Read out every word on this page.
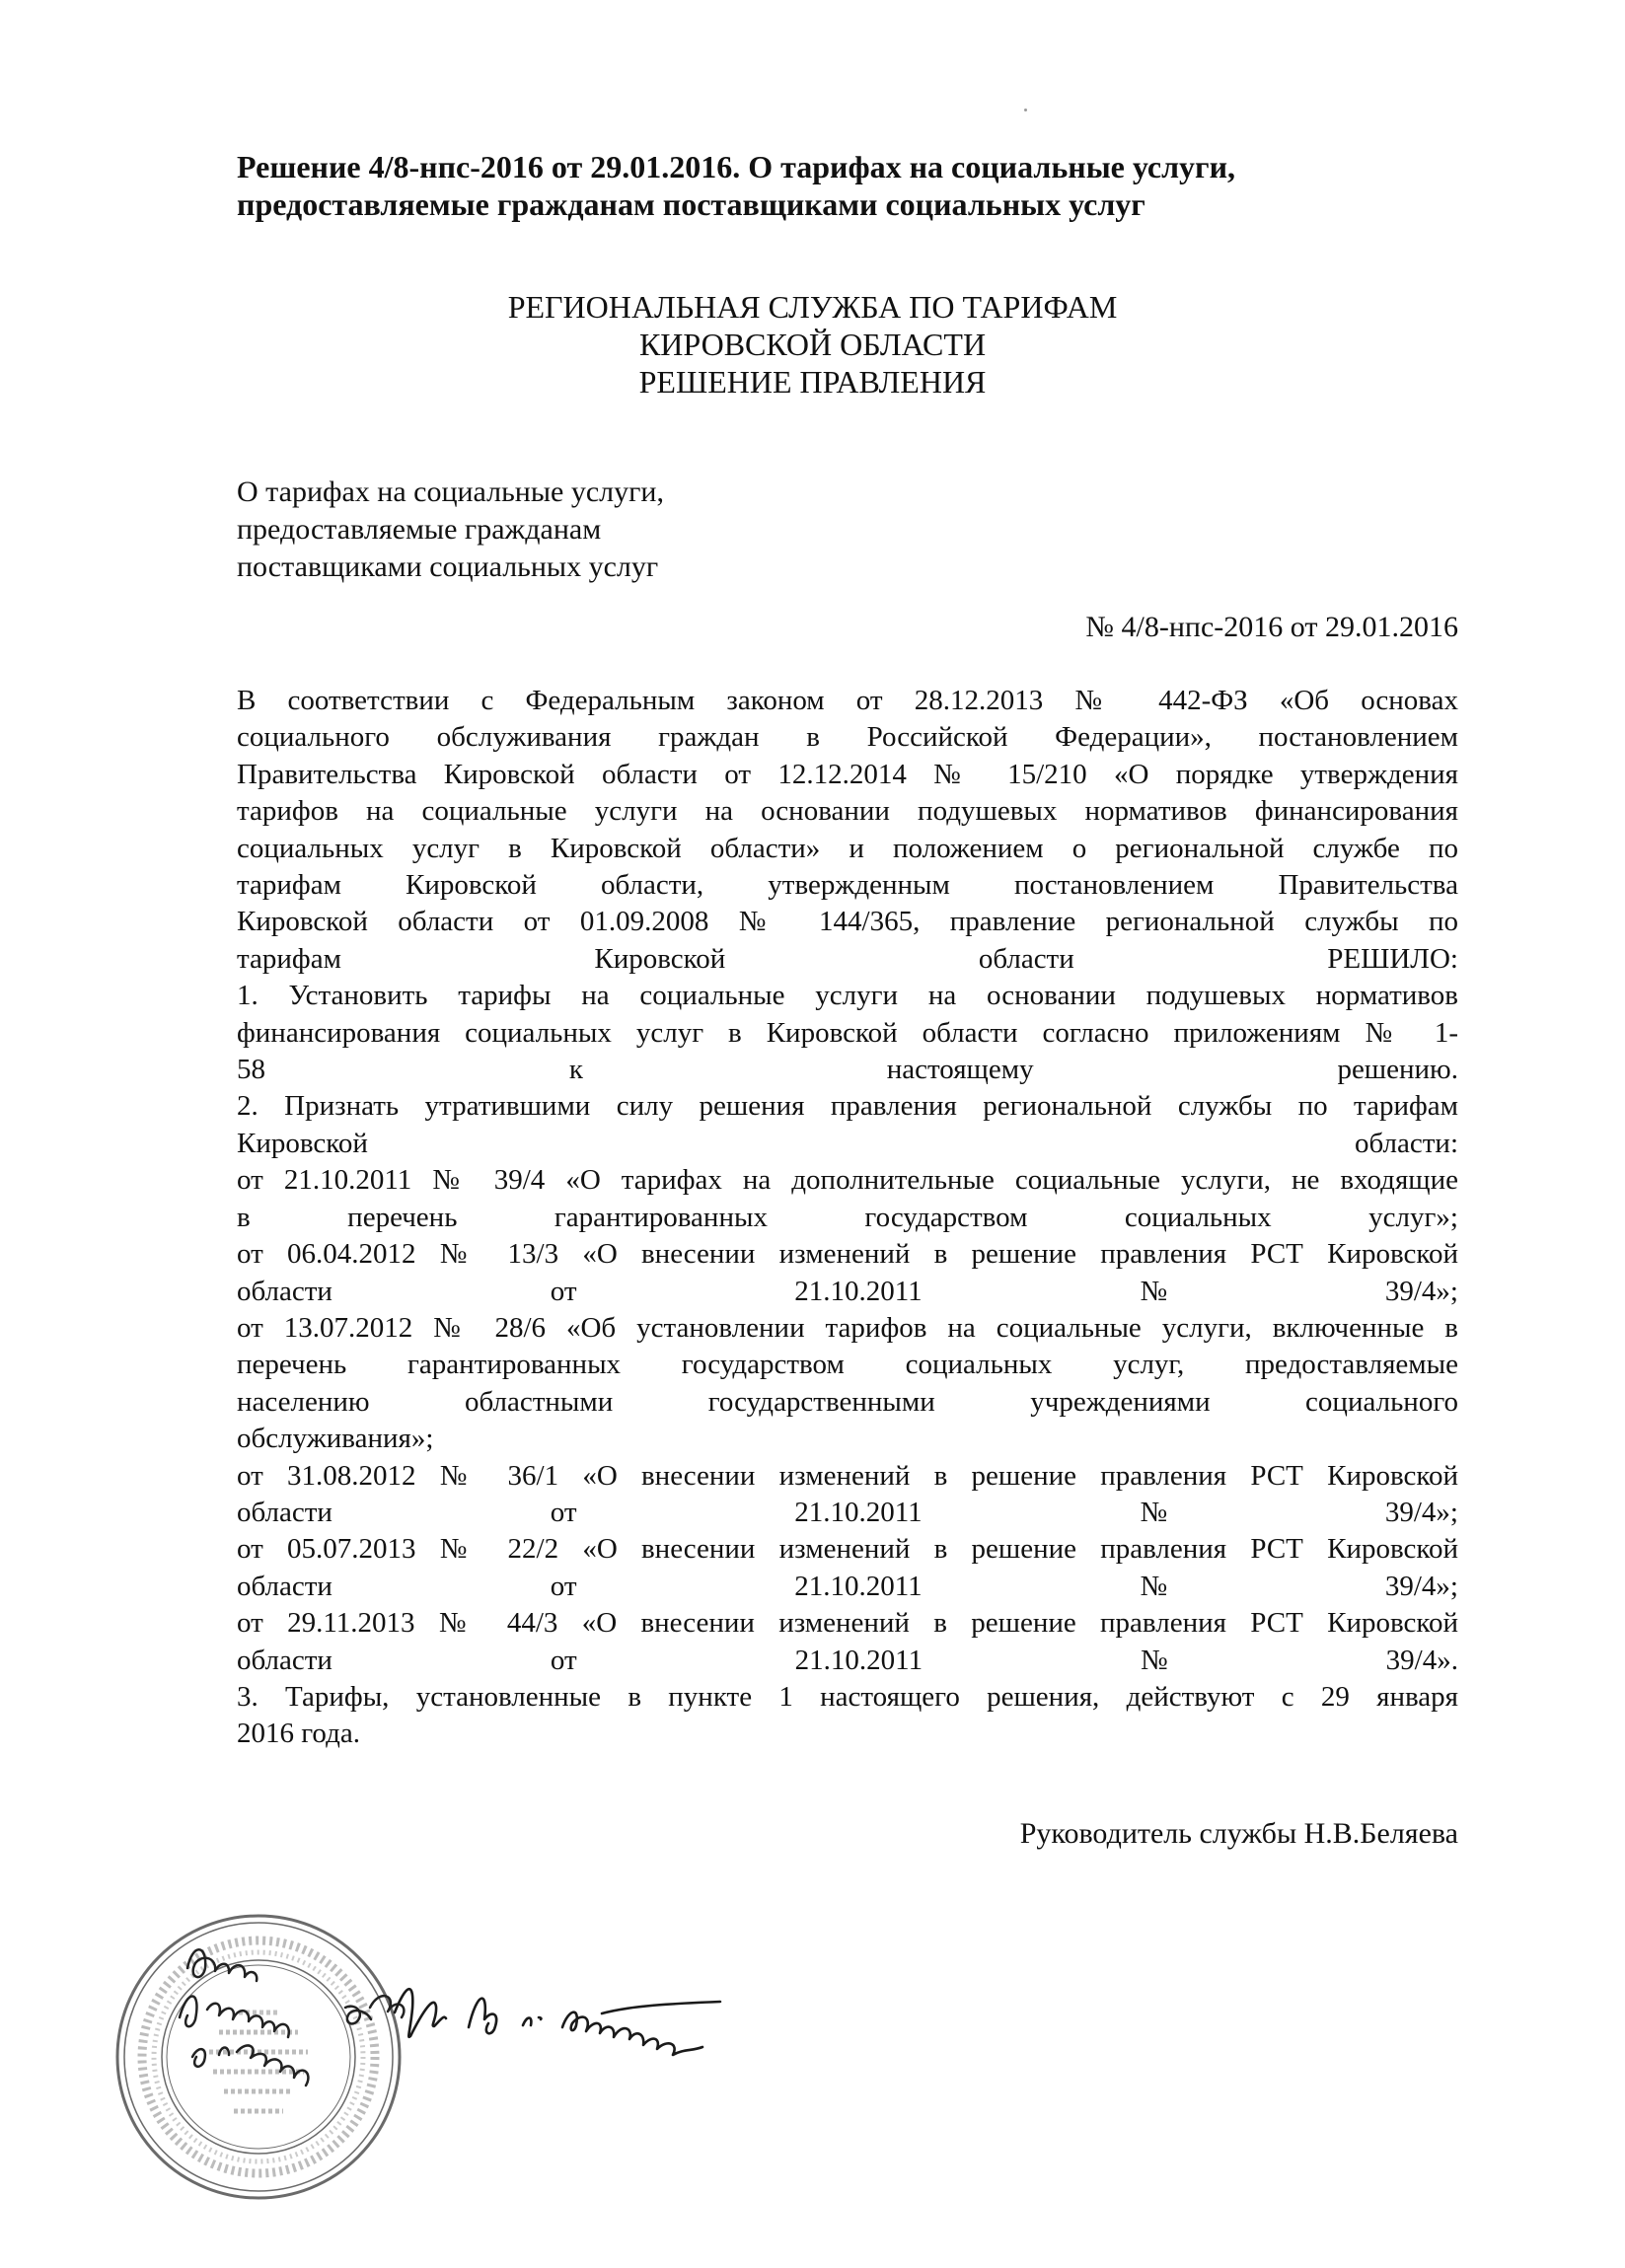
Решение 4/8-нпс-2016 от 29.01.2016. О тарифах на социальные услуги,
предоставляемые гражданам поставщиками социальных услуг
РЕГИОНАЛЬНАЯ СЛУЖБА ПО ТАРИФАМ
КИРОВСКОЙ ОБЛАСТИ
РЕШЕНИЕ ПРАВЛЕНИЯ
О тарифах на социальные услуги,
предоставляемые гражданам
поставщиками социальных услуг
№ 4/8-нпс-2016 от 29.01.2016
В соответствии с Федеральным законом от 28.12.2013 № 442-ФЗ «Об основах
социального обслуживания граждан в Российской Федерации», постановлением
Правительства Кировской области от 12.12.2014 № 15/210 «О порядке утверждения
тарифов на социальные услуги на основании подушевых нормативов финансирования
социальных услуг в Кировской области» и положением о региональной службе по
тарифам Кировской области, утвержденным постановлением Правительства
Кировской области от 01.09.2008 № 144/365, правление региональной службы по
тарифам	Кировской	области	РЕШИЛО:
1. Установить тарифы на социальные услуги на основании подушевых нормативов
финансирования социальных услуг в Кировской области согласно приложениям № 1-
58	к	настоящему	решению.
2. Признать утратившими силу решения правления региональной службы по тарифам
Кировской	области:
от 21.10.2011 № 39/4 «О тарифах на дополнительные социальные услуги, не входящие
в	перечень	гарантированных	государством	социальных	услуг»;
от 06.04.2012 № 13/3 «О внесении изменений в решение правления РСТ Кировской
области	от	21.10.2011	№	39/4»;
от 13.07.2012 № 28/6 «Об установлении тарифов на социальные услуги, включенные в
перечень гарантированных государством социальных услуг, предоставляемые
населению областными государственными учреждениями социального
обслуживания»;
от 31.08.2012 № 36/1 «О внесении изменений в решение правления РСТ Кировской
области	от	21.10.2011	№	39/4»;
от 05.07.2013 № 22/2 «О внесении изменений в решение правления РСТ Кировской
области	от	21.10.2011	№	39/4»;
от 29.11.2013 № 44/3 «О внесении изменений в решение правления РСТ Кировской
области	от	21.10.2011	№	39/4».
3. Тарифы, установленные в пункте 1 настоящего решения, действуют с 29 января
2016 года.
Руководитель службы Н.В.Беляева
